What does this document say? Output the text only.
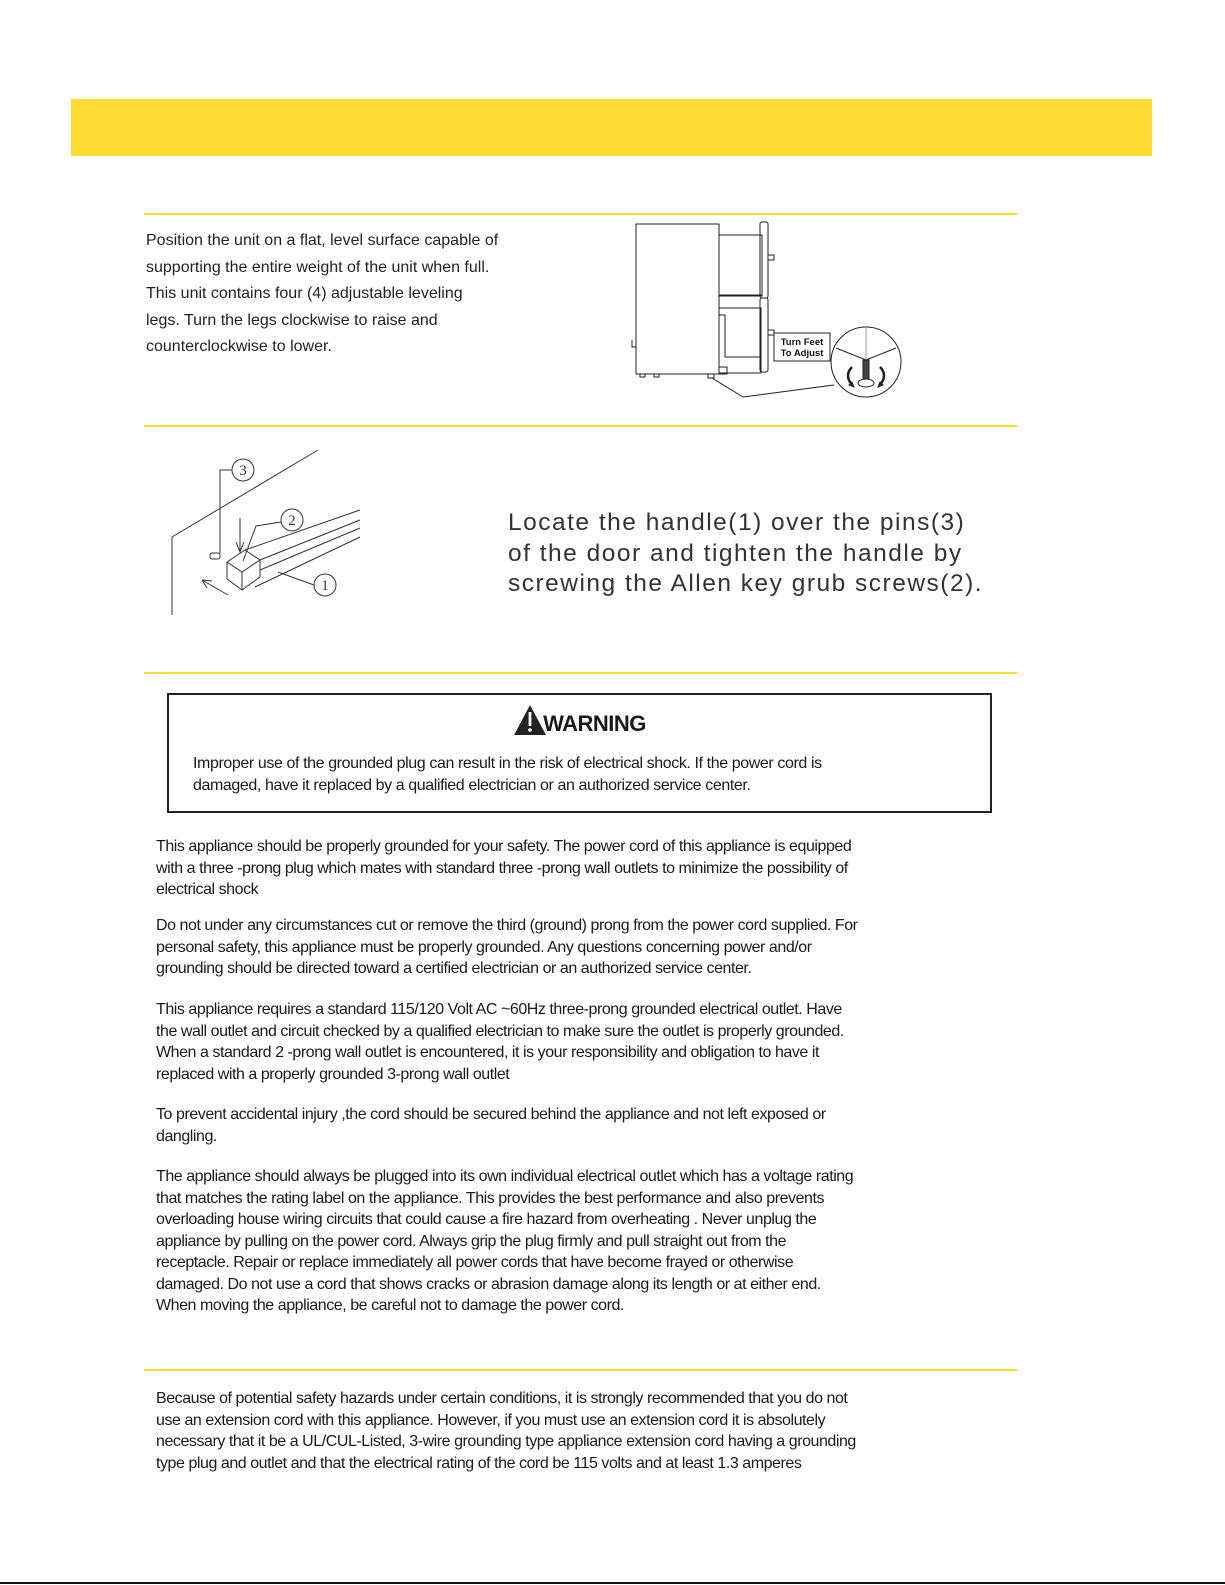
Position the unit on a flat, level surface capable of

supporting the entire weight of the unit when full.

This unit contains four (4) adjustable leveling

legs. Turn the legs clockwise to raise and

counterclockwise to lower.	Turn Feet
To Adjust
3
2
1

Locate the handle(1) over the pins(3)

of the door and tighten the handle by

screwing the Allen key grub screws(2).

WARNING

Improper use of the grounded plug can result in the risk of electrical shock. If the power cord is

damaged, have it replaced by a qualified electrician or an authorized service center.

This appliance should be properly grounded for your safety. The power cord of this appliance is equipped

with a three -prong plug which mates with standard three -prong wall outlets to minimize the possibility of

electrical shock

Do not under any circumstances cut or remove the third (ground) prong from the power cord supplied. For

personal safety, this appliance must be properly grounded. Any questions concerning power and/or

grounding should be directed toward a certified electrician or an authorized service center.

This appliance requires a standard 115/120 Volt AC ~60Hz three-prong grounded electrical outlet. Have

the wall outlet and circuit checked by a qualified electrician to make sure the outlet is properly grounded.

When a standard 2 -prong wall outlet is encountered, it is your responsibility and obligation to have it

replaced with a properly grounded 3-prong wall outlet

To prevent accidental injury ,the cord should be secured behind the appliance and not left exposed or

dangling.

The appliance should always be plugged into its own individual electrical outlet which has a voltage rating

that matches the rating label on the appliance. This provides the best performance and also prevents

overloading house wiring circuits that could cause a fire hazard from overheating . Never unplug the

appliance by pulling on the power cord. Always grip the plug firmly and pull straight out from the

receptacle. Repair or replace immediately all power cords that have become frayed or otherwise

damaged. Do not use a cord that shows cracks or abrasion damage along its length or at either end.

When moving the appliance, be careful not to damage the power cord.

Because of potential safety hazards under certain conditions, it is strongly recommended that you do not

use an extension cord with this appliance. However, if you must use an extension cord it is absolutely

necessary that it be a UL/CUL-Listed, 3-wire grounding type appliance extension cord having a grounding

type plug and outlet and that the electrical rating of the cord be 115 volts and at least 1.3 amperes
